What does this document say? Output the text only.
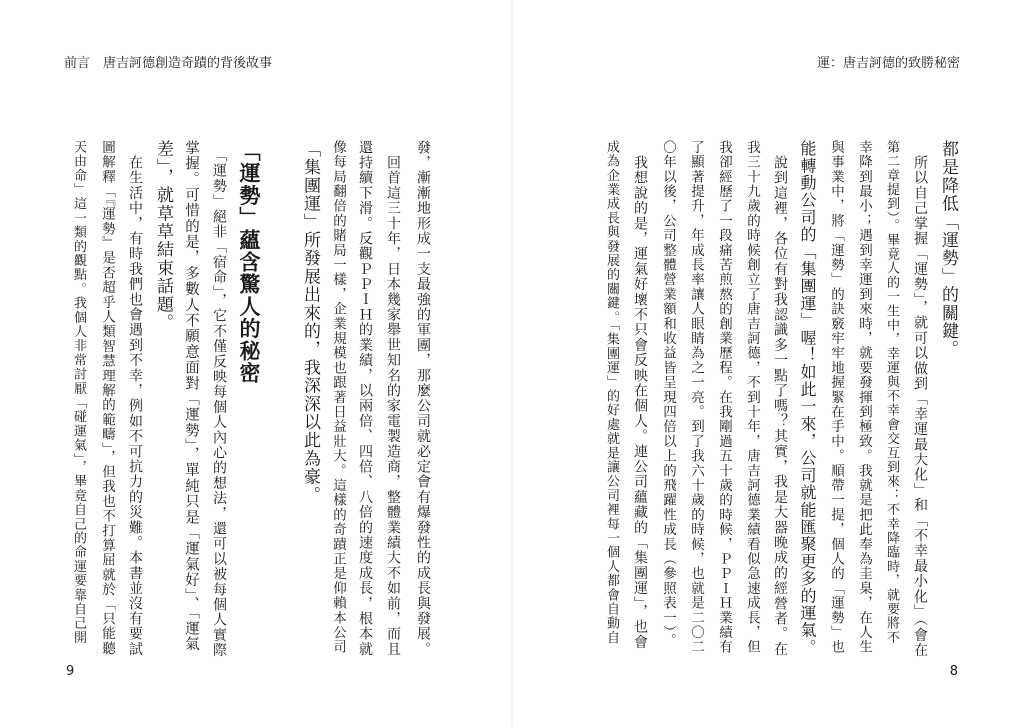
前言　唐吉訶德創造奇蹟的背後故事
發，漸漸地形成一支最強的軍團，那麼公司就必定會有爆發性的成長與發展。
　回首這三十年，日本幾家舉世知名的家電製造商，整體業績大不如前，而且
還持續下滑。反觀ＰＰＩＨ的業績，以兩倍、四倍、八倍的速度成長，根本就
像每局翻倍的賭局一樣，企業規模也跟著日益壯大。這樣的奇蹟正是仰賴本公司
「集團運」所發展出來的，我深深以此為豪。
「運勢」蘊含驚人的秘密
　「運勢」絕非「宿命」，它不僅反映每個人內心的想法，還可以被每個人實際
掌握。可惜的是，多數人不願意面對「運勢」，單純只是「運氣好」、「運氣
差」，就草草結束話題。
　在生活中，有時我們也會遇到不幸，例如不可抗力的災難。本書並沒有要試
圖解釋「『運勢』是否超乎人類智慧理解的範疇」，但我也不打算屈就於「只能聽
天由命」這一類的觀點。我個人非常討厭「碰運氣」，畢竟自己的命運要靠自己開
9
運：唐吉訶德的致勝秘密
都是降低「運勢」的關鍵。
　所以自己掌握「運勢」，就可以做到「幸運最大化」和「不幸最小化」（會在
第二章提到）。畢竟人的一生中，幸運與不幸會交互到來：不幸降臨時，就要將不
幸降到最小；遇到幸運到來時，就要發揮到極致。我就是把此奉為圭臬，在人生
與事業中，將「運勢」的訣竅牢牢地握緊在手中。順帶一提，個人的「運勢」也
能轉動公司的「集團運」喔！如此一來，公司就能匯聚更多的運氣。
　說到這裡，各位有對我認識多一點了嗎？其實，我是大器晚成的經營者。在
我三十九歲的時候創立了唐吉訶德，不到十年，唐吉訶德業績看似急速成長，但
我卻經歷了一段痛苦煎熬的創業歷程。在我剛過五十歲的時候，ＰＰＩＨ業績有
了顯著提升，年成長率讓人眼睛為之一亮。到了我六十歲的時候，也就是二〇二
〇年以後，公司整體營業額和收益皆呈現四倍以上的飛躍性成長（參照表一）。
　我想說的是，運氣好壞不只會反映在個人。連公司蘊藏的「集團運」，也會
成為企業成長與發展的關鍵。「集團運」的好處就是讓公司裡每一個人都會自動自
8
